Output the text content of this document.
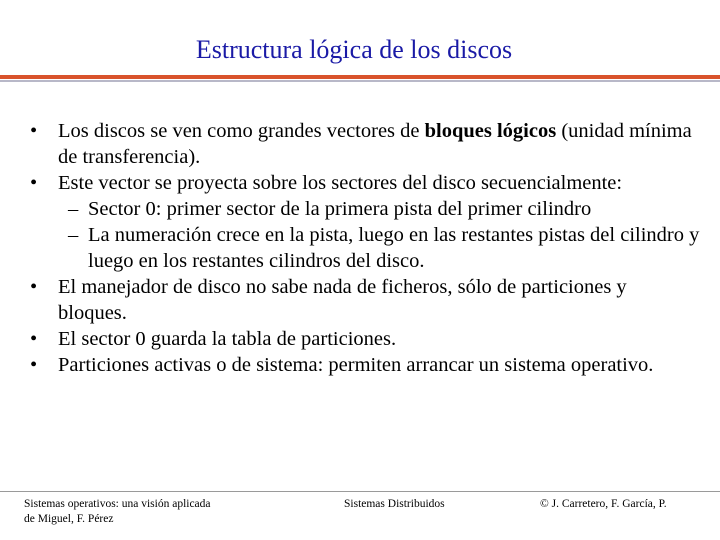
Estructura lógica de los discos
• Los discos se ven como grandes vectores de bloques lógicos (unidad mínima de transferencia).
• Este vector se proyecta sobre los sectores del disco secuencialmente:
– Sector 0: primer sector de la primera pista del primer cilindro
– La numeración crece en la pista, luego en las restantes pistas del cilindro y luego en los restantes cilindros del disco.
• El manejador de disco no sabe nada de ficheros, sólo de particiones y bloques.
• El sector 0 guarda la tabla de particiones.
• Particiones activas o de sistema: permiten arrancar un sistema operativo.
Sistemas operativos: una visión aplicada
de Miguel, F. Pérez
Sistemas Distribuidos	© J. Carretero, F. García, P.
